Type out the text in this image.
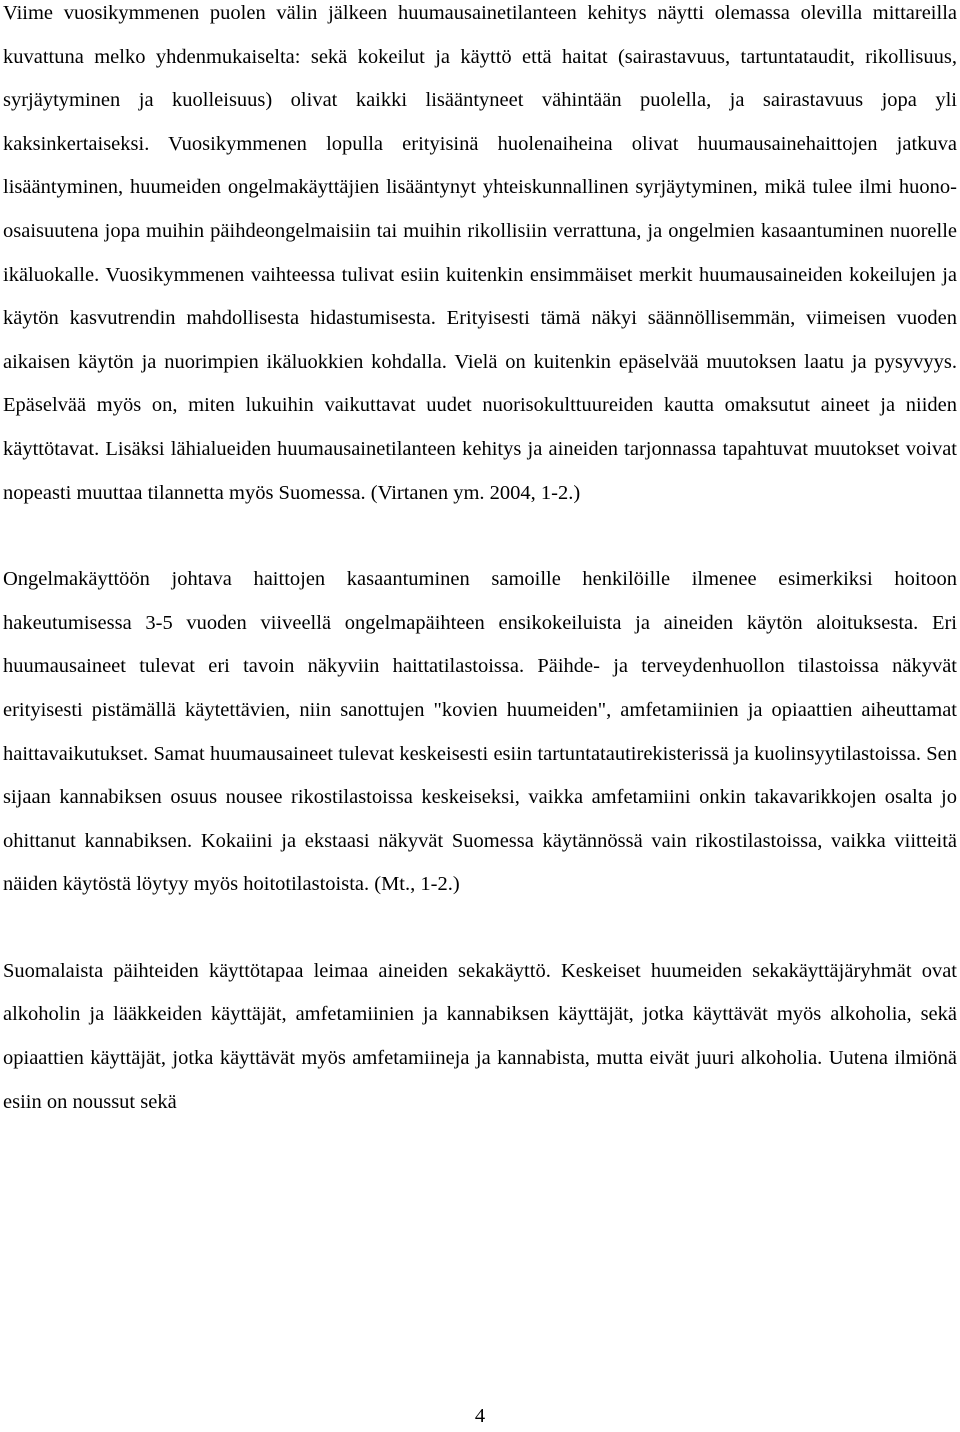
Viime vuosikymmenen puolen välin jälkeen huumausainetilanteen kehitys näytti olemassa olevilla mittareilla kuvattuna melko yhdenmukaiselta: sekä kokeilut ja käyttö että haitat (sairastavuus, tartuntataudit, rikollisuus, syrjäytyminen ja kuolleisuus) olivat kaikki lisääntyneet vähintään puolella, ja sairastavuus jopa yli kaksinkertaiseksi. Vuosikymmenen lopulla erityisinä huolenaiheina olivat huumausainehaittojen jatkuva lisääntyminen, huumeiden ongelmakäyttäjien lisääntynyt yhteiskunnallinen syrjäytyminen, mikä tulee ilmi huono-osaisuutena jopa muihin päihdeongelmaisiin tai muihin rikollisiin verrattuna, ja ongelmien kasaantuminen nuorelle ikäluokalle. Vuosikymmenen vaihteessa tulivat esiin kuitenkin ensimmäiset merkit huumausaineiden kokeilujen ja käytön kasvutrendin mahdollisesta hidastumisesta. Erityisesti tämä näkyi säännöllisemmän, viimeisen vuoden aikaisen käytön ja nuorimpien ikäluokkien kohdalla. Vielä on kuitenkin epäselvää muutoksen laatu ja pysyvyys. Epäselvää myös on, miten lukuihin vaikuttavat uudet nuorisokulttuureiden kautta omaksutut aineet ja niiden käyttötavat. Lisäksi lähialueiden huumausainetilanteen kehitys ja aineiden tarjonnassa tapahtuvat muutokset voivat nopeasti muuttaa tilannetta myös Suomessa. (Virtanen ym. 2004, 1-2.)

Ongelmakäyttöön johtava haittojen kasaantuminen samoille henkilöille ilmenee esimerkiksi hoitoon hakeutumisessa 3-5 vuoden viiveellä ongelmapäihteen ensikokeiluista ja aineiden käytön aloituksesta. Eri huumausaineet tulevat eri tavoin näkyviin haittatilastoissa. Päihde- ja terveydenhuollon tilastoissa näkyvät erityisesti pistämällä käytettävien, niin sanottujen "kovien huumeiden", amfetamiinien ja opiaattien aiheuttamat haittavaikutukset. Samat huumausaineet tulevat keskeisesti esiin tartuntatautirekisterissä ja kuolinsyytilastoissa. Sen sijaan kannabiksen osuus nousee rikostilastoissa keskeiseksi, vaikka amfetamiini onkin takavarikkojen osalta jo ohittanut kannabiksen. Kokaiini ja ekstaasi näkyvät Suomessa käytännössä vain rikostilastoissa, vaikka viitteitä näiden käytöstä löytyy myös hoitotilastoista. (Mt., 1-2.)

Suomalaista päihteiden käyttötapaa leimaa aineiden sekakäyttö. Keskeiset huumeiden sekakäyttäjäryhmät ovat alkoholin ja lääkkeiden käyttäjät, amfetamiinien ja kannabiksen käyttäjät, jotka käyttävät myös alkoholia, sekä opiaattien käyttäjät, jotka käyttävät myös amfetamiineja ja kannabista, mutta eivät juuri alkoholia. Uutena ilmiönä esiin on noussut sekä

4
